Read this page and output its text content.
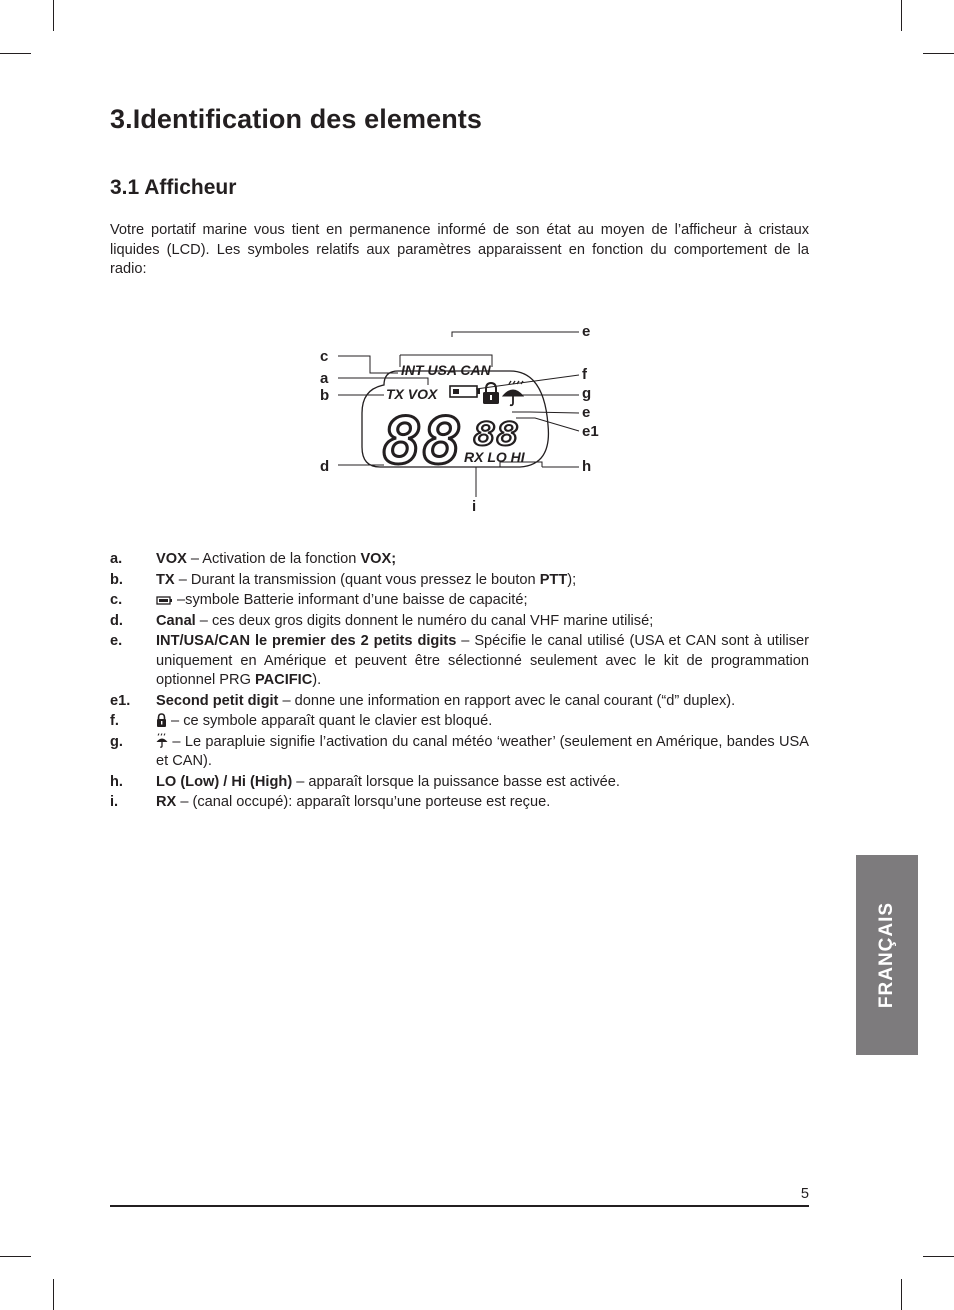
3.Identification des elements
3.1 Afficheur

Votre portatif marine vous tient en permanence informé de son état au moyen de l’afficheur à cristaux liquides (LCD). Les symboles relatifs aux paramètres apparaissent en fonction du comportement de la radio:

INT USA CAN
TX VOX
88 88
RX LO HI
e
c
a
b
d
f
g
e
e1
h
i
a.	VOX – Activation de la fonction VOX;
b.	TX – Durant la transmission (quant vous pressez le bouton PTT);
c.	–symbole Batterie informant d’une baisse de capacité;
d.	Canal – ces deux gros digits donnent le numéro du canal VHF marine utilisé;
e.	INT/USA/CAN le premier des 2 petits digits – Spécifie le canal utilisé (USA et CAN sont à utiliser uniquement en Amérique et peuvent être sélectionné seulement avec le kit de programmation optionnel PRG PACIFIC).
e1.	Second petit digit – donne une information en rapport avec le canal courant (“d” duplex).
f.	– ce symbole apparaît quant le clavier est bloqué.
g.	– Le parapluie signifie l’activation du canal météo ‘weather’ (seulement en Amérique, bandes USA et CAN).
h.	LO (Low) / Hi (High) – apparaît lorsque la puissance basse est activée.
i.	RX – (canal occupé): apparaît lorsqu’une porteuse est reçue.
FRANÇAIS
5
